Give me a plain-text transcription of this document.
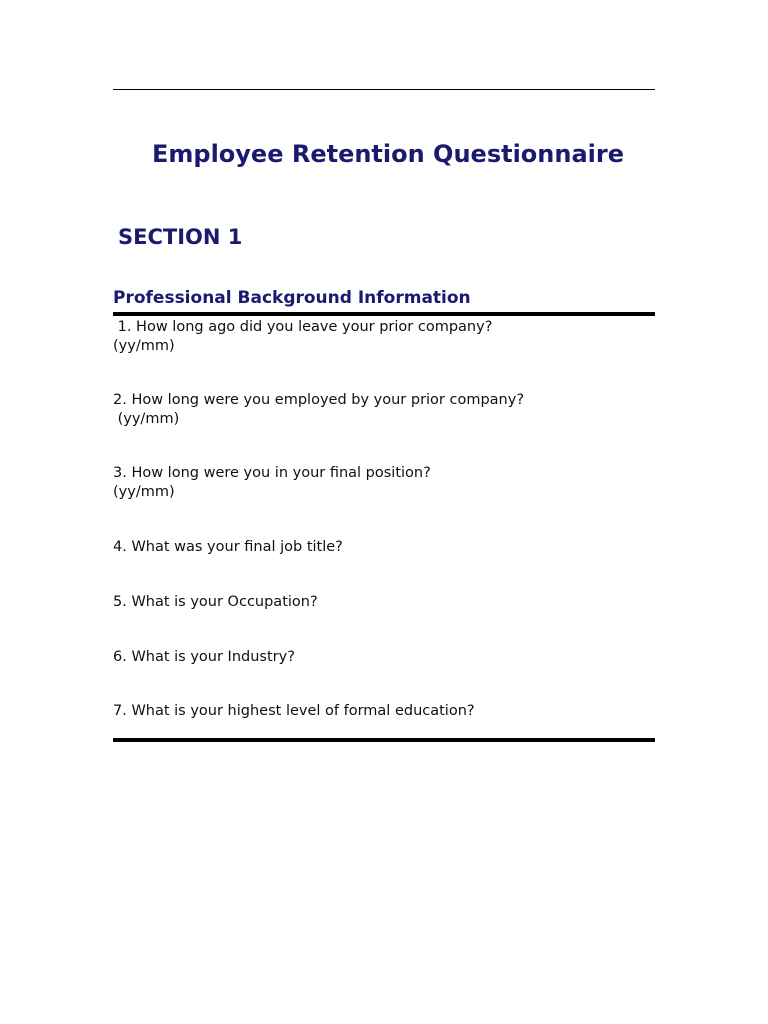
Employee Retention Questionnaire
SECTION 1
Professional Background Information
1. How long ago did you leave your prior company?
(yy/mm)
2. How long were you employed by your prior company?
(yy/mm)
3. How long were you in your final position?
(yy/mm)
4. What was your final job title?
5. What is your Occupation?
6. What is your Industry?
7. What is your highest level of formal education?
